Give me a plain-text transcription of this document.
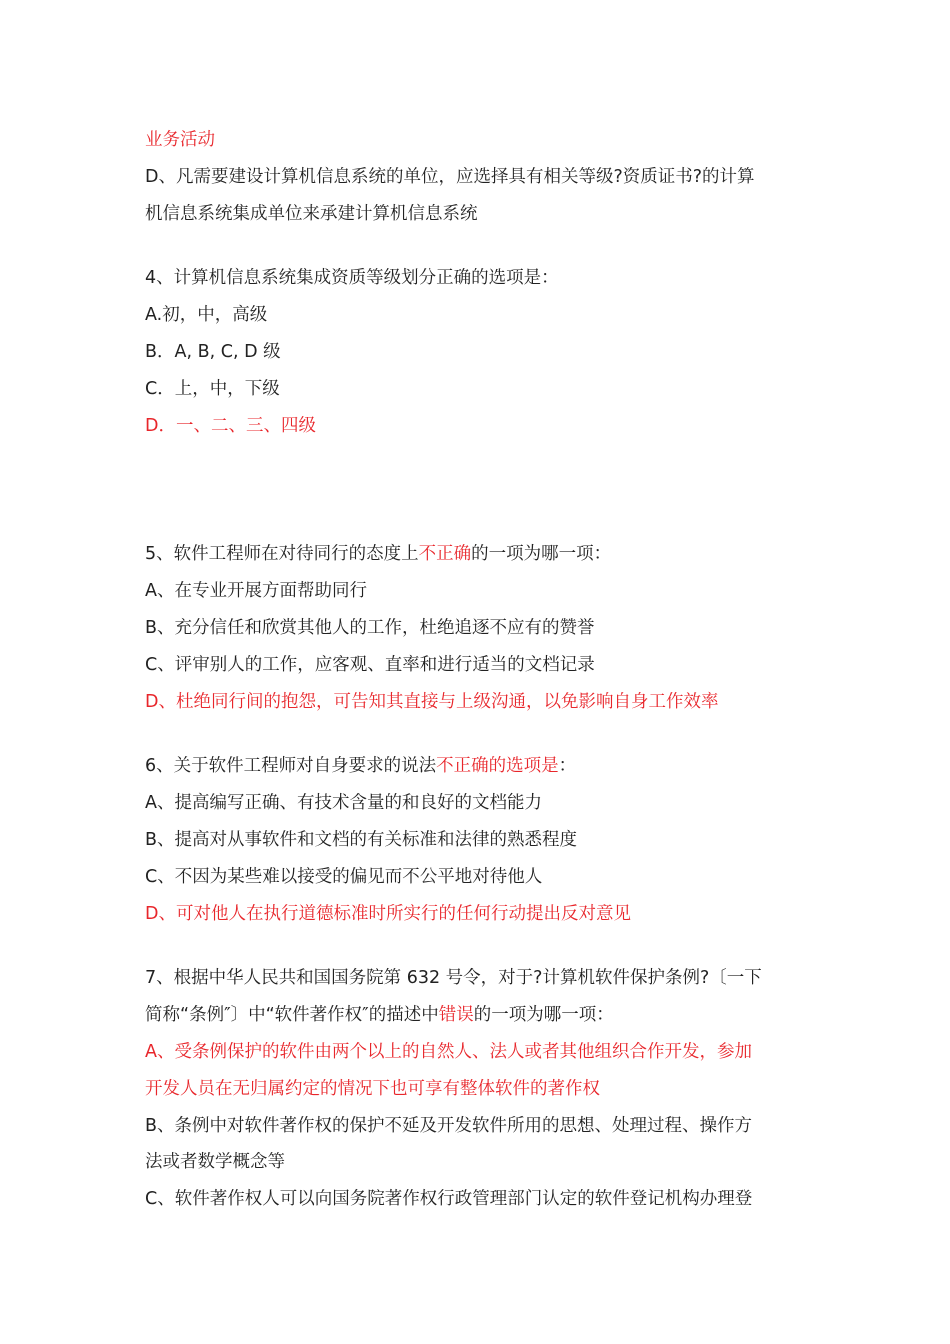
业务活动
D、凡需要建设计算机信息系统的单位，应选择具有相关等级?资质证书?的计算
机信息系统集成单位来承建计算机信息系统
4、计算机信息系统集成资质等级划分正确的选项是：
A.初，中，高级
B．A, B, C, D 级
C．上，中，下级
D．一、二、三、四级
5、软件工程师在对待同行的态度上不正确的一项为哪一项：
A、在专业开展方面帮助同行
B、充分信任和欣赏其他人的工作，杜绝追逐不应有的赞誉
C、评审别人的工作，应客观、直率和进行适当的文档记录
D、杜绝同行间的抱怨，可告知其直接与上级沟通，以免影响自身工作效率
6、关于软件工程师对自身要求的说法不正确的选项是：
A、提高编写正确、有技术含量的和良好的文档能力
B、提高对从事软件和文档的有关标准和法律的熟悉程度
C、不因为某些难以接受的偏见而不公平地对待他人
D、可对他人在执行道德标准时所实行的任何行动提出反对意见
7、根据中华人民共和国国务院第 632 号令，对于?计算机软件保护条例?〔一下
简称“条例″〕中“软件著作权″的描述中错误的一项为哪一项：
A、受条例保护的软件由两个以上的自然人、法人或者其他组织合作开发，参加
开发人员在无归属约定的情况下也可享有整体软件的著作权
B、条例中对软件著作权的保护不延及开发软件所用的思想、处理过程、操作方
法或者数学概念等
C、软件著作权人可以向国务院著作权行政管理部门认定的软件登记机构办理登
